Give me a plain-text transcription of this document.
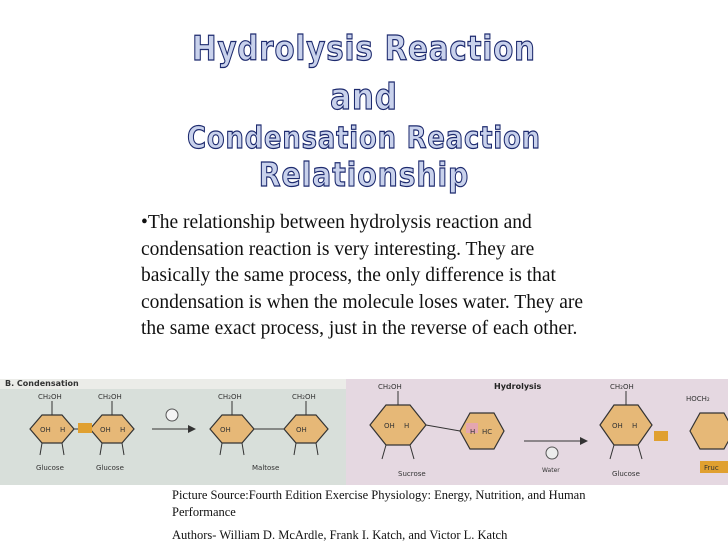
Hydrolysis Reaction
and
Condensation Reaction
Relationship
•The relationship between hydrolysis reaction and condensation reaction is very interesting. They are basically the same process, the only difference is that condensation is when the molecule loses water. They are the same exact process, just in the reverse of each other.
B. Condensation
OH H	OH H	OH	OH
CH₂OH	CH₂OH	CH₂OH	CH₂OH
Glucose	Glucose	Maltose
Hydrolysis
OH H
H HC
OH H
CH₂OH	CH₂OH
HOCH₂
Sucrose	Water	Glucose
Fruc
Picture Source:Fourth Edition Exercise Physiology: Energy, Nutrition, and Human Performance
Authors- William D. McArdle, Frank I. Katch, and Victor L. Katch
